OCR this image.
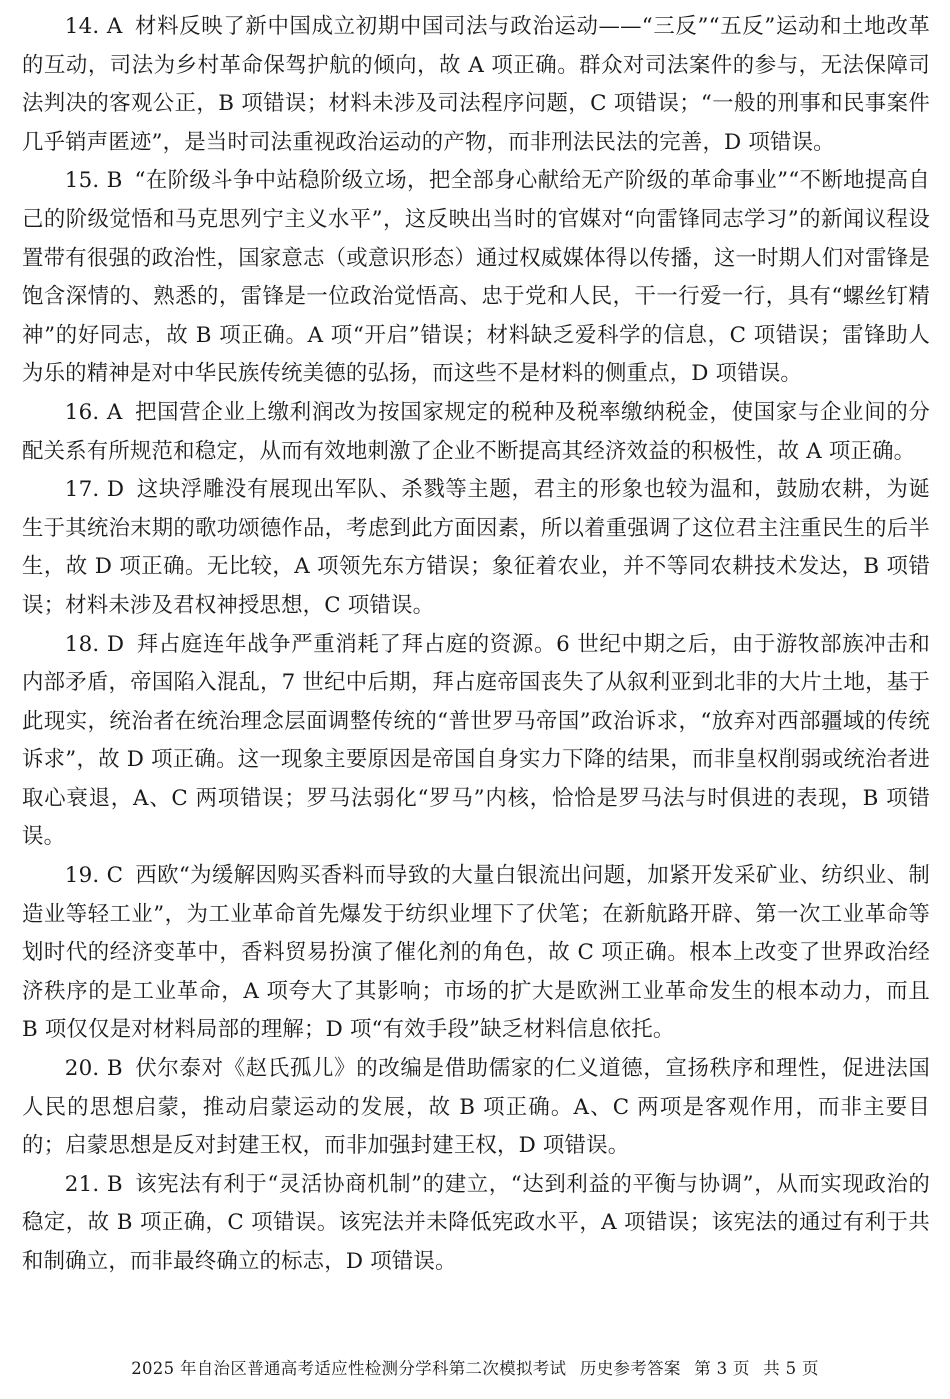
14. A 材料反映了新中国成立初期中国司法与政治运动——“三反”“五反”运动和土地改革的互动，司法为乡村革命保驾护航的倾向，故 A 项正确。群众对司法案件的参与，无法保障司法判决的客观公正，B 项错误；材料未涉及司法程序问题，C 项错误；“一般的刑事和民事案件几乎销声匿迹”，是当时司法重视政治运动的产物，而非刑法民法的完善，D 项错误。

15. B “在阶级斗争中站稳阶级立场，把全部身心献给无产阶级的革命事业”“不断地提高自己的阶级觉悟和马克思列宁主义水平”，这反映出当时的官媒对“向雷锋同志学习”的新闻议程设置带有很强的政治性，国家意志（或意识形态）通过权威媒体得以传播，这一时期人们对雷锋是饱含深情的、熟悉的，雷锋是一位政治觉悟高、忠于党和人民，干一行爱一行，具有“螺丝钉精神”的好同志，故 B 项正确。A 项“开启”错误；材料缺乏爱科学的信息，C 项错误；雷锋助人为乐的精神是对中华民族传统美德的弘扬，而这些不是材料的侧重点，D 项错误。

16. A 把国营企业上缴利润改为按国家规定的税种及税率缴纳税金，使国家与企业间的分配关系有所规范和稳定，从而有效地刺激了企业不断提高其经济效益的积极性，故 A 项正确。

17. D 这块浮雕没有展现出军队、杀戮等主题，君主的形象也较为温和，鼓励农耕，为诞生于其统治末期的歌功颂德作品，考虑到此方面因素，所以着重强调了这位君主注重民生的后半生，故 D 项正确。无比较，A 项领先东方错误；象征着农业，并不等同农耕技术发达，B 项错误；材料未涉及君权神授思想，C 项错误。

18. D 拜占庭连年战争严重消耗了拜占庭的资源。6 世纪中期之后，由于游牧部族冲击和内部矛盾，帝国陷入混乱，7 世纪中后期，拜占庭帝国丧失了从叙利亚到北非的大片土地，基于此现实，统治者在统治理念层面调整传统的“普世罗马帝国”政治诉求，“放弃对西部疆域的传统诉求”，故 D 项正确。这一现象主要原因是帝国自身实力下降的结果，而非皇权削弱或统治者进取心衰退，A、C 两项错误；罗马法弱化“罗马”内核，恰恰是罗马法与时俱进的表现，B 项错误。

19. C 西欧“为缓解因购买香料而导致的大量白银流出问题，加紧开发采矿业、纺织业、制造业等轻工业”，为工业革命首先爆发于纺织业埋下了伏笔；在新航路开辟、第一次工业革命等划时代的经济变革中，香料贸易扮演了催化剂的角色，故 C 项正确。根本上改变了世界政治经济秩序的是工业革命，A 项夸大了其影响；市场的扩大是欧洲工业革命发生的根本动力，而且 B 项仅仅是对材料局部的理解；D 项“有效手段”缺乏材料信息依托。

20. B 伏尔泰对《赵氏孤儿》的改编是借助儒家的仁义道德，宣扬秩序和理性，促进法国人民的思想启蒙，推动启蒙运动的发展，故 B 项正确。A、C 两项是客观作用，而非主要目的；启蒙思想是反对封建王权，而非加强封建王权，D 项错误。

21. B 该宪法有利于“灵活协商机制”的建立，“达到利益的平衡与协调”，从而实现政治的稳定，故 B 项正确，C 项错误。该宪法并未降低宪政水平，A 项错误；该宪法的通过有利于共和制确立，而非最终确立的标志，D 项错误。

2025 年自治区普通高考适应性检测分学科第二次模拟考试 历史参考答案 第 3 页 共 5 页
